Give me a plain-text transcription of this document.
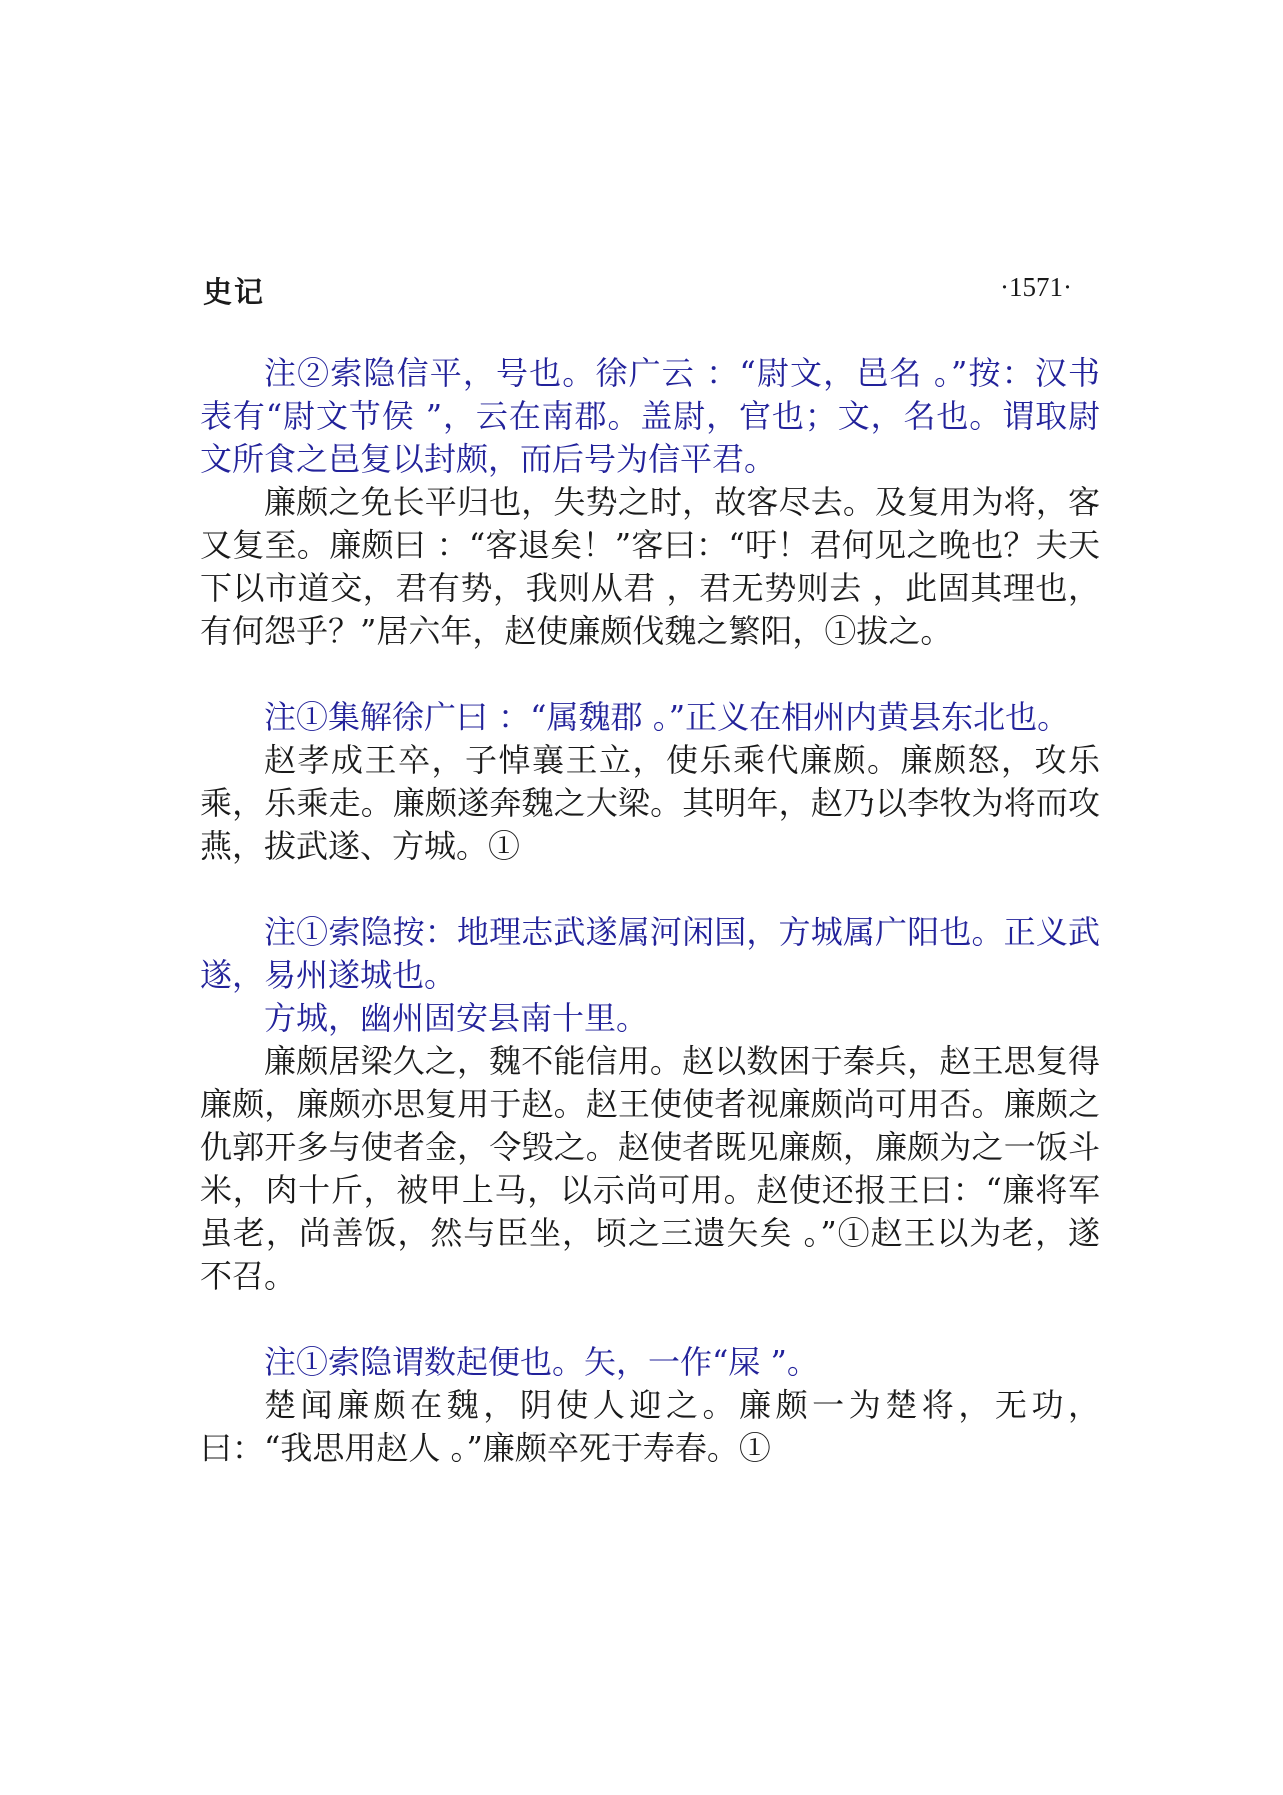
史记	·1571·

注②索隐信平，号也。徐广云 ：“尉文，邑名 。”按：汉书表有“尉文节侯 ”，云在南郡。盖尉，官也；文，名也。谓取尉文所食之邑复以封颇，而后号为信平君。

廉颇之免长平归也，失势之时，故客尽去。及复用为将，客又复至。廉颇曰 ：“客退矣！”客曰：“吁！君何见之晚也？夫天下以市道交，君有势，我则从君 ，君无势则去 ，此固其理也，有何怨乎？”居六年，赵使廉颇伐魏之繁阳，①拔之。

注①集解徐广曰 ：“属魏郡 。”正义在相州内黄县东北也。

赵孝成王卒，子悼襄王立，使乐乘代廉颇。廉颇怒，攻乐乘，乐乘走。廉颇遂奔魏之大梁。其明年，赵乃以李牧为将而攻燕，拔武遂、方城。①

注①索隐按：地理志武遂属河闲国，方城属广阳也。正义武遂，易州遂城也。

方城，幽州固安县南十里。

廉颇居梁久之，魏不能信用。赵以数困于秦兵，赵王思复得廉颇，廉颇亦思复用于赵。赵王使使者视廉颇尚可用否。廉颇之仇郭开多与使者金，令毁之。赵使者既见廉颇，廉颇为之一饭斗米，肉十斤，被甲上马，以示尚可用。赵使还报王曰：“廉将军虽老，尚善饭，然与臣坐，顷之三遗矢矣 。”①赵王以为老，遂不召。

注①索隐谓数起便也。矢，一作“屎 ”。

楚闻廉颇在魏，阴使人迎之。廉颇一为楚将，无功，曰：“我思用赵人 。”廉颇卒死于寿春。①
